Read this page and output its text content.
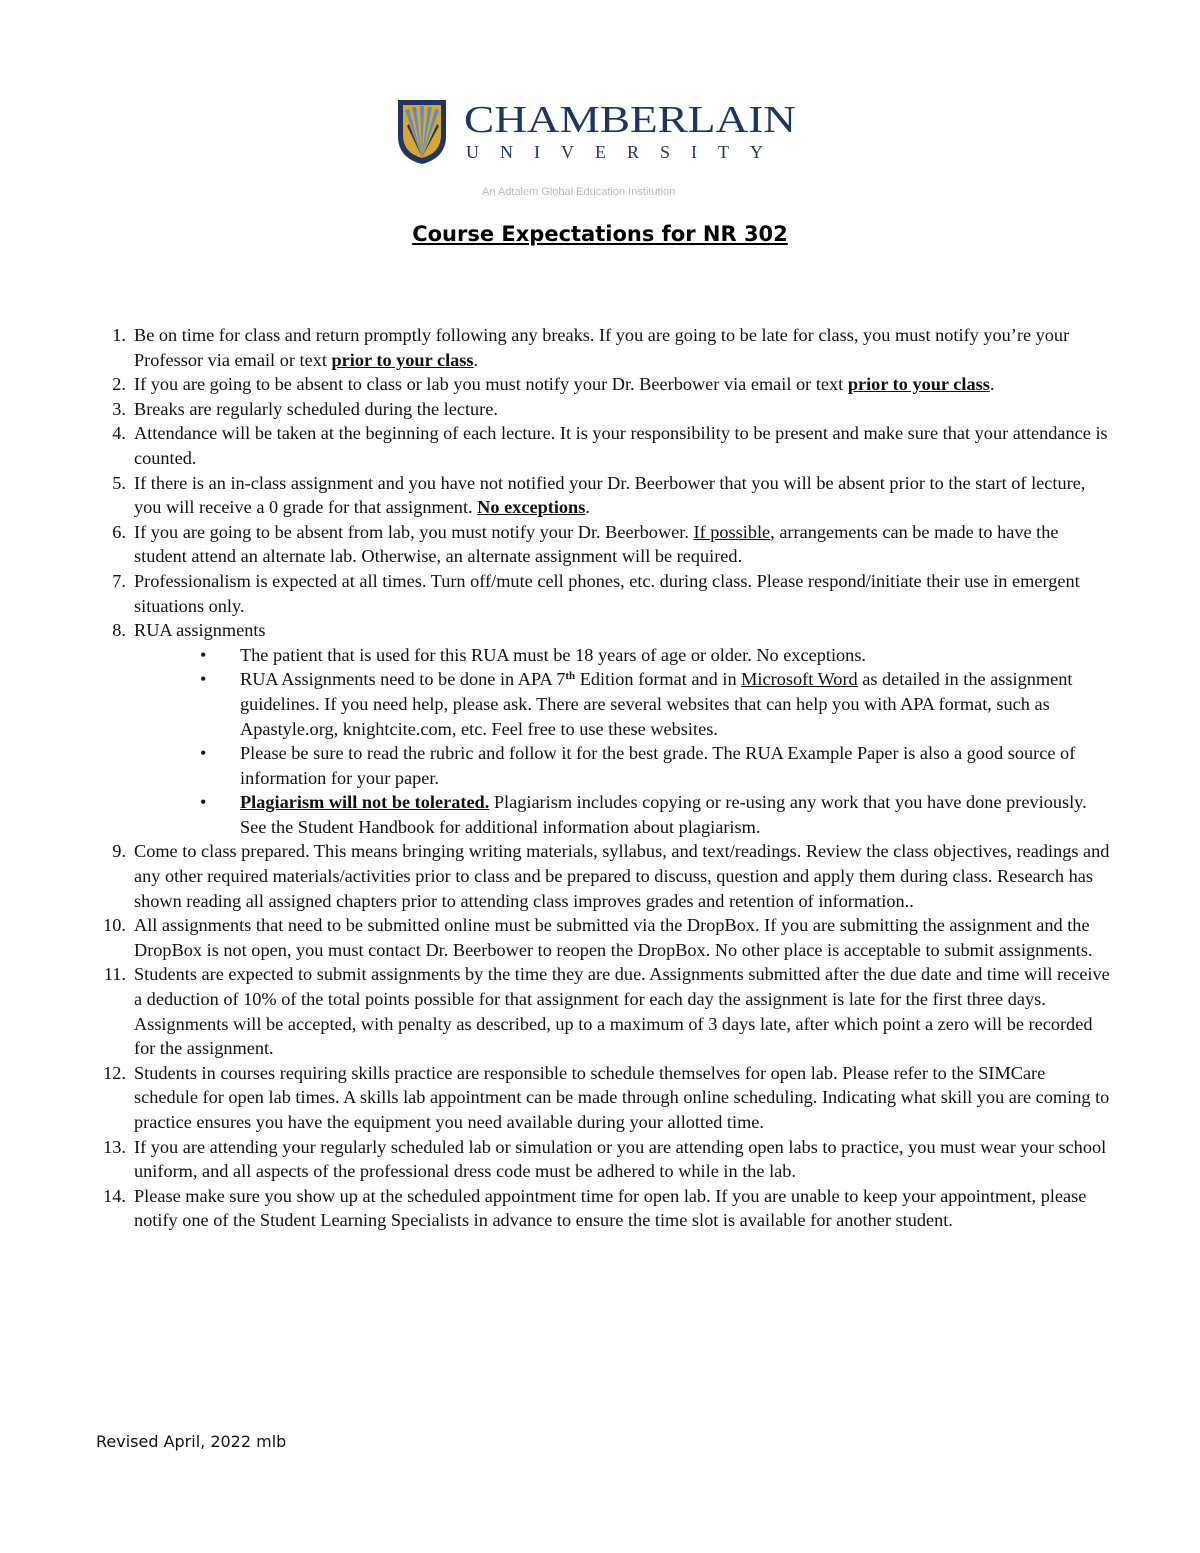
CHAMBERLAIN
UNIVERSITY
An Adtalem Global Education Institution
Course Expectations for NR 302
1. Be on time for class and return promptly following any breaks. If you are going to be late for class, you must notify you’re your Professor via email or text prior to your class.
2. If you are going to be absent to class or lab you must notify your Dr. Beerbower via email or text prior to your class.
3. Breaks are regularly scheduled during the lecture.
4. Attendance will be taken at the beginning of each lecture. It is your responsibility to be present and make sure that your attendance is counted.
5. If there is an in-class assignment and you have not notified your Dr. Beerbower that you will be absent prior to the start of lecture, you will receive a 0 grade for that assignment. No exceptions.
6. If you are going to be absent from lab, you must notify your Dr. Beerbower. If possible, arrangements can be made to have the student attend an alternate lab. Otherwise, an alternate assignment will be required.
7. Professionalism is expected at all times. Turn off/mute cell phones, etc. during class. Please respond/initiate their use in emergent situations only.
8. RUA assignments
• The patient that is used for this RUA must be 18 years of age or older. No exceptions.
• RUA Assignments need to be done in APA 7th Edition format and in Microsoft Word as detailed in the assignment guidelines. If you need help, please ask. There are several websites that can help you with APA format, such as Apastyle.org, knightcite.com, etc. Feel free to use these websites.
• Please be sure to read the rubric and follow it for the best grade. The RUA Example Paper is also a good source of information for your paper.
• Plagiarism will not be tolerated. Plagiarism includes copying or re-using any work that you have done previously. See the Student Handbook for additional information about plagiarism.
9. Come to class prepared. This means bringing writing materials, syllabus, and text/readings. Review the class objectives, readings and any other required materials/activities prior to class and be prepared to discuss, question and apply them during class. Research has shown reading all assigned chapters prior to attending class improves grades and retention of information..
10. All assignments that need to be submitted online must be submitted via the DropBox. If you are submitting the assignment and the DropBox is not open, you must contact Dr. Beerbower to reopen the DropBox. No other place is acceptable to submit assignments.
11. Students are expected to submit assignments by the time they are due. Assignments submitted after the due date and time will receive a deduction of 10% of the total points possible for that assignment for each day the assignment is late for the first three days. Assignments will be accepted, with penalty as described, up to a maximum of 3 days late, after which point a zero will be recorded for the assignment.
12. Students in courses requiring skills practice are responsible to schedule themselves for open lab. Please refer to the SIMCare schedule for open lab times. A skills lab appointment can be made through online scheduling. Indicating what skill you are coming to practice ensures you have the equipment you need available during your allotted time.
13. If you are attending your regularly scheduled lab or simulation or you are attending open labs to practice, you must wear your school uniform, and all aspects of the professional dress code must be adhered to while in the lab.
14. Please make sure you show up at the scheduled appointment time for open lab. If you are unable to keep your appointment, please notify one of the Student Learning Specialists in advance to ensure the time slot is available for another student.
Revised April, 2022 mlb
